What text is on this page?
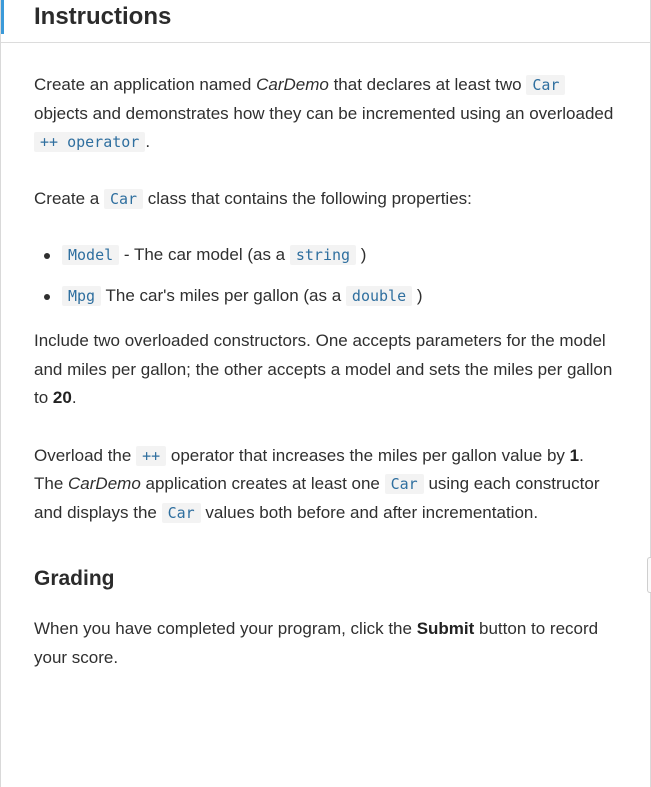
Instructions

Create an application named CarDemo that declares at least two Car objects and demonstrates how they can be incremented using an overloaded ++ operator .

Create a Car class that contains the following properties:

Model - The car model (as a string )
Mpg The car's miles per gallon (as a double )

Include two overloaded constructors. One accepts parameters for the model and miles per gallon; the other accepts a model and sets the miles per gallon to 20.

Overload the ++ operator that increases the miles per gallon value by 1. The CarDemo application creates at least one Car using each constructor and displays the Car values both before and after incrementation.

Grading

When you have completed your program, click the Submit button to record your score.
